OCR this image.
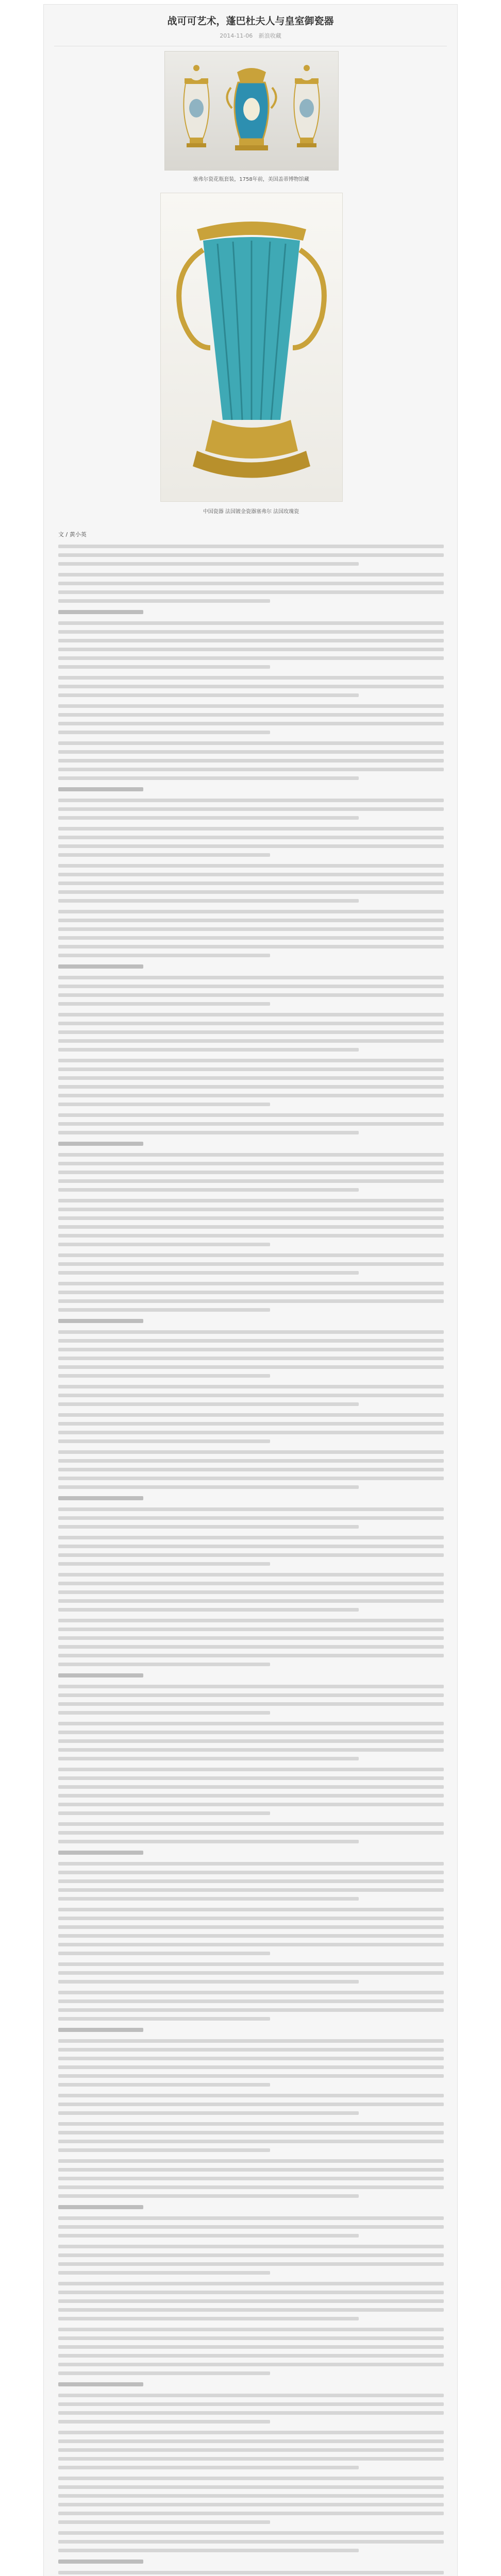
战可可艺术，蓬巴杜夫人与皇室御瓷器
2014-11-06 新浪收藏
塞弗尔瓷花瓶套装，1758年前，美国盖蒂博物馆藏
中国瓷器 法国镀金瓷器塞弗尔 法国玫瑰瓷
文 / 黄小英
